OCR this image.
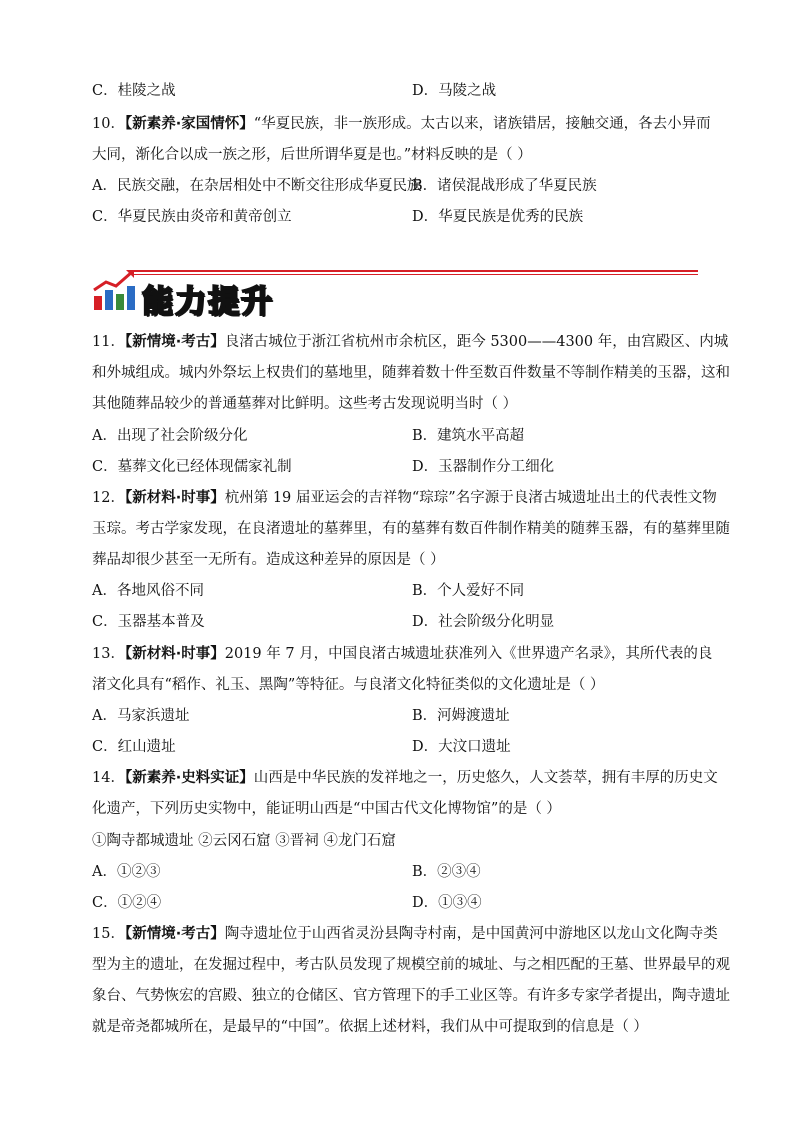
C．桂陵之战	D．马陵之战
10．【新素养·家国情怀】“华夏民族，非一族形成。太古以来，诸族错居，接触交通，各去小异而
大同，渐化合以成一族之形，后世所谓华夏是也。”材料反映的是（ ）
A．民族交融，在杂居相处中不断交往形成华夏民族
B．诸侯混战形成了华夏民族
C．华夏民族由炎帝和黄帝创立	D．华夏民族是优秀的民族
能力提升
11．【新情境·考古】良渚古城位于浙江省杭州市余杭区，距今 5300——4300 年，由宫殿区、内城
和外城组成。城内外祭坛上权贵们的墓地里，随葬着数十件至数百件数量不等制作精美的玉器，这和
其他随葬品较少的普通墓葬对比鲜明。这些考古发现说明当时（ ）
A．出现了社会阶级分化	B．建筑水平高超
C．墓葬文化已经体现儒家礼制	D．玉器制作分工细化
12．【新材料·时事】杭州第 19 届亚运会的吉祥物“琮琮”名字源于良渚古城遗址出土的代表性文物
玉琮。考古学家发现，在良渚遗址的墓葬里，有的墓葬有数百件制作精美的随葬玉器，有的墓葬里随
葬品却很少甚至一无所有。造成这种差异的原因是（ ）
A．各地风俗不同	B．个人爱好不同
C．玉器基本普及	D．社会阶级分化明显
13．【新材料·时事】2019 年 7 月，中国良渚古城遗址获准列入《世界遗产名录》，其所代表的良
渚文化具有“稻作、礼玉、黑陶”等特征。与良渚文化特征类似的文化遗址是（ ）
A．马家浜遗址	B．河姆渡遗址
C．红山遗址	D．大汶口遗址
14．【新素养·史料实证】山西是中华民族的发祥地之一，历史悠久，人文荟萃，拥有丰厚的历史文
化遗产，下列历史实物中，能证明山西是“中国古代文化博物馆”的是（ ）
①陶寺都城遗址 ②云冈石窟 ③晋祠 ④龙门石窟
A．①②③	B．②③④
C．①②④	D．①③④
15．【新情境·考古】陶寺遗址位于山西省灵汾县陶寺村南，是中国黄河中游地区以龙山文化陶寺类
型为主的遗址，在发掘过程中，考古队员发现了规模空前的城址、与之相匹配的王墓、世界最早的观
象台、气势恢宏的宫殿、独立的仓储区、官方管理下的手工业区等。有许多专家学者提出，陶寺遗址
就是帝尧都城所在，是最早的“中国”。依据上述材料，我们从中可提取到的信息是（ ）
